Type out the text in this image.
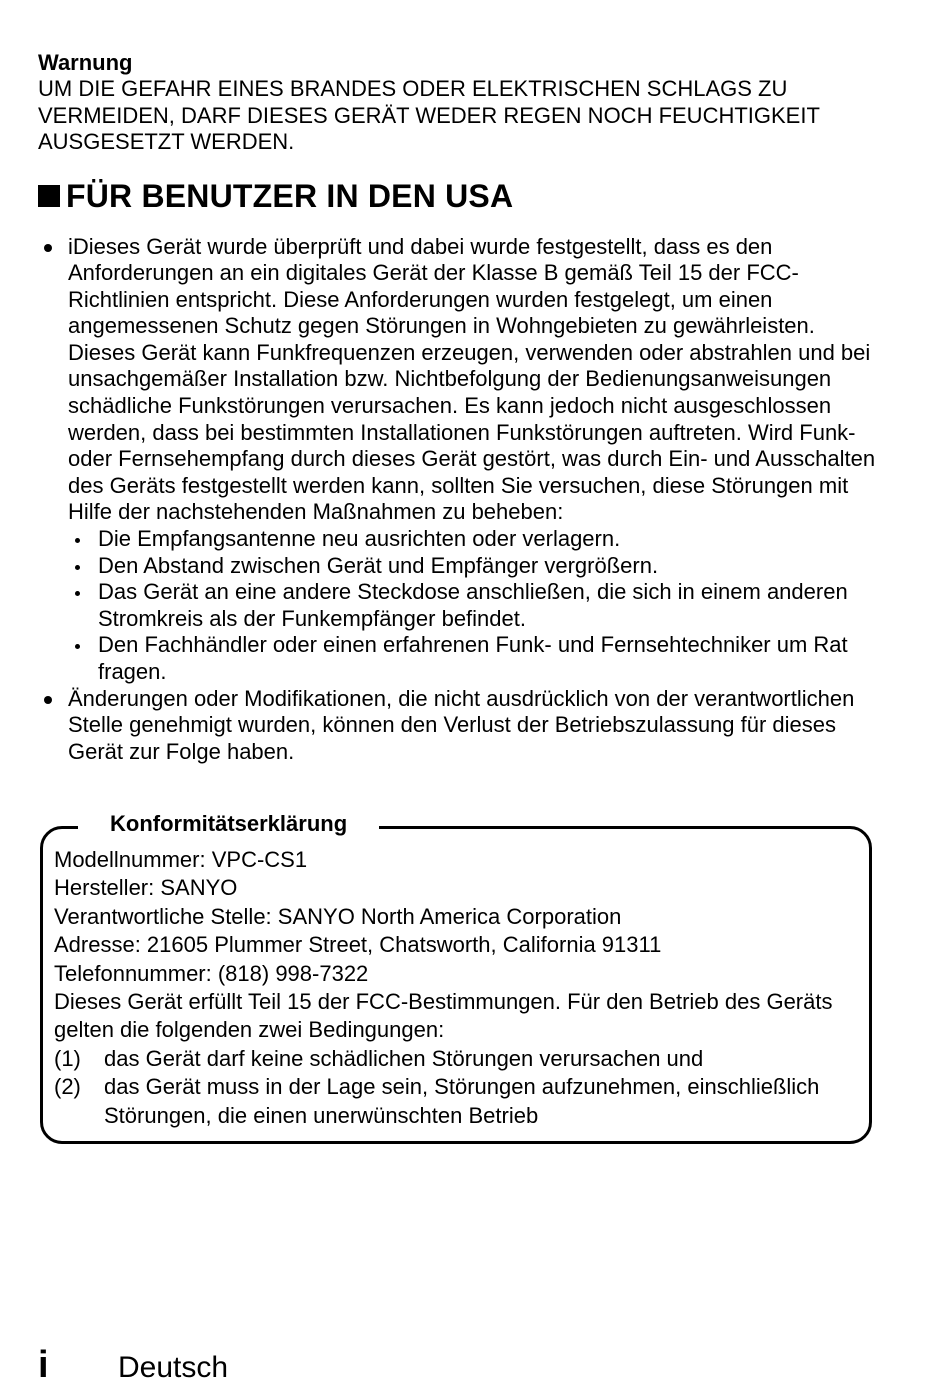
Warnung
UM DIE GEFAHR EINES BRANDES ODER ELEKTRISCHEN SCHLAGS ZU VERMEIDEN, DARF DIESES GERÄT WEDER REGEN NOCH FEUCHTIGKEIT AUSGESETZT WERDEN.
FÜR BENUTZER IN DEN USA
iDieses Gerät wurde überprüft und dabei wurde festgestellt, dass es den Anforderungen an ein digitales Gerät der Klasse B gemäß Teil 15 der FCC-Richtlinien entspricht. Diese Anforderungen wurden festgelegt, um einen angemessenen Schutz gegen Störungen in Wohngebieten zu gewährleisten. Dieses Gerät kann Funkfrequenzen erzeugen, verwenden oder abstrahlen und bei unsachgemäßer Installation bzw. Nichtbefolgung der Bedienungsanweisungen schädliche Funkstörungen verursachen. Es kann jedoch nicht ausgeschlossen werden, dass bei bestimmten Installationen Funkstörungen auftreten. Wird Funk- oder Fernsehempfang durch dieses Gerät gestört, was durch Ein- und Ausschalten des Geräts festgestellt werden kann, sollten Sie versuchen, diese Störungen mit Hilfe der nachstehenden Maßnahmen zu beheben:
Die Empfangsantenne neu ausrichten oder verlagern.
Den Abstand zwischen Gerät und Empfänger vergrößern.
Das Gerät an eine andere Steckdose anschließen, die sich in einem anderen Stromkreis als der Funkempfänger befindet.
Den Fachhändler oder einen erfahrenen Funk- und Fernsehtechniker um Rat fragen.
Änderungen oder Modifikationen, die nicht ausdrücklich von der verantwortlichen Stelle genehmigt wurden, können den Verlust der Betriebszulassung für dieses Gerät zur Folge haben.
Konformitätserklärung
Modellnummer: VPC-CS1
Hersteller: SANYO
Verantwortliche Stelle: SANYO North America Corporation
Adresse: 21605 Plummer Street, Chatsworth, California 91311
Telefonnummer: (818) 998-7322
Dieses Gerät erfüllt Teil 15 der FCC-Bestimmungen. Für den Betrieb des Geräts gelten die folgenden zwei Bedingungen:
(1) das Gerät darf keine schädlichen Störungen verursachen und
(2) das Gerät muss in der Lage sein, Störungen aufzunehmen, einschließlich Störungen, die einen unerwünschten Betrieb
i Deutsch
